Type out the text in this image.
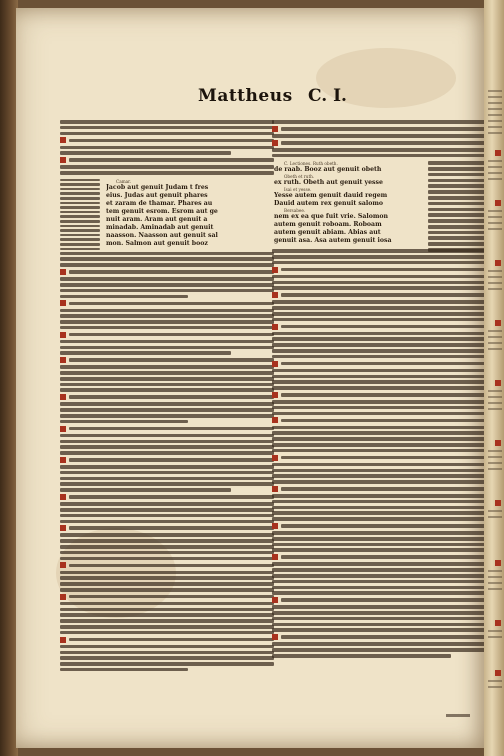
Mattheus C. I.
Camar.
Jacob aut genuit Judam t fres
eius. Judas aut genuit phares
et zaram de thamar. Phares au
tem genuit esrom. Esrom aut ge
nuit aram. Aram aut genuit a
minadab. Aminadab aut genuit
naasson. Naasson aut genuit sal
mon. Salmon aut genuit booz
C. Lectiones. Ruth obeth.
de raab. Booz aut genuit obeth
Obeth et ruth.
ex ruth. Obeth aut genuit yesse
Isai et yesse.
Yesse autem genuit dauid regem
Dauid autem rex genuit salomo
Bersabee.
nem ex ea que fuit vrie. Salomon
autem genuit roboam. Roboam
autem genuit abiam. Abias aut
genuit asa. Asa autem genuit iosa
